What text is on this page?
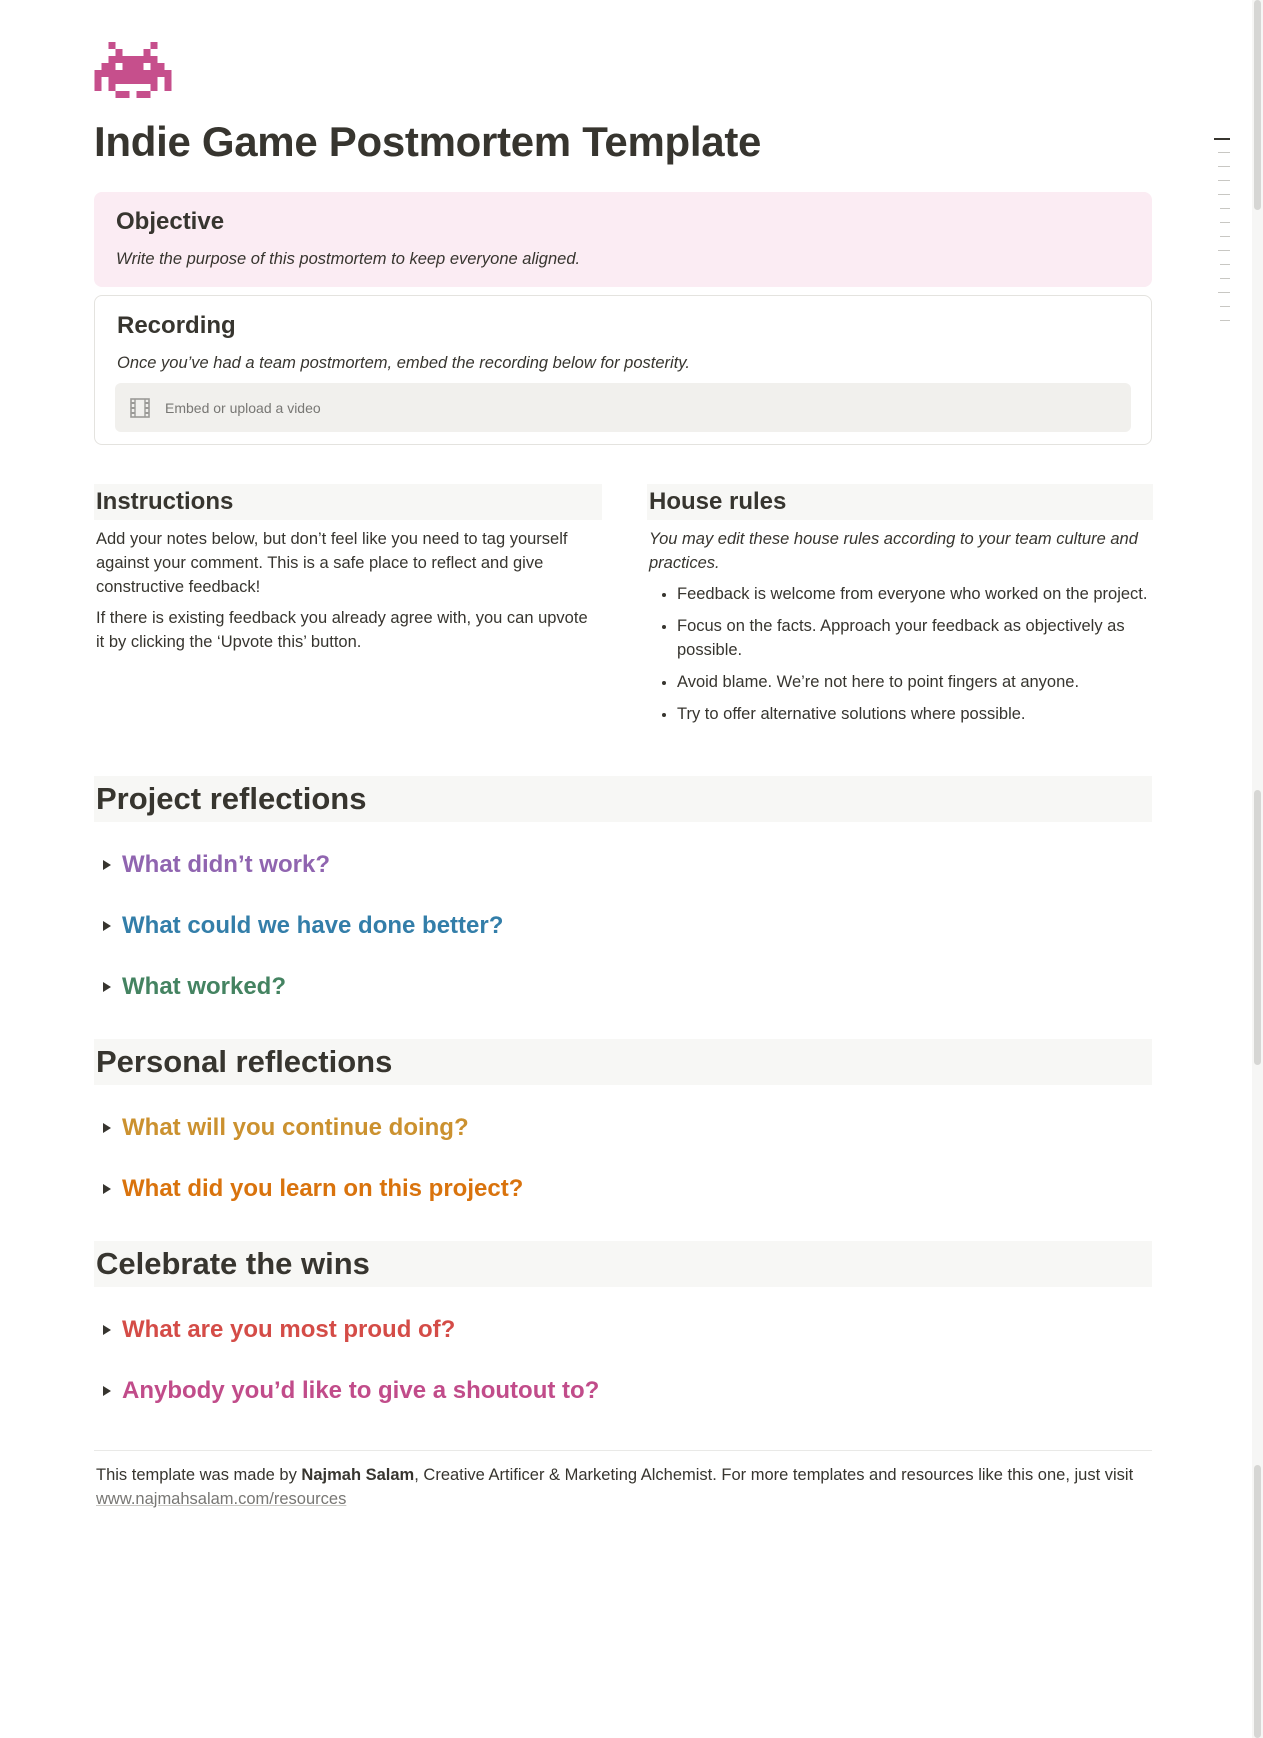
Indie Game Postmortem Template
Objective

Write the purpose of this postmortem to keep everyone aligned.

Recording

Once you’ve had a team postmortem, embed the recording below for posterity.

Embed or upload a video
Instructions

Add your notes below, but don’t feel like you need to tag yourself against your comment. This is a safe place to reflect and give constructive feedback!

If there is existing feedback you already agree with, you can upvote it by clicking the ‘Upvote this’ button.

House rules

You may edit these house rules according to your team culture and practices.

• Feedback is welcome from everyone who worked on the project.
• Focus on the facts. Approach your feedback as objectively as possible.
• Avoid blame. We’re not here to point fingers at anyone.
• Try to offer alternative solutions where possible.
Project reflections
What didn’t work?
What could we have done better?
What worked?
Personal reflections
What will you continue doing?
What did you learn on this project?
Celebrate the wins
What are you most proud of?
Anybody you’d like to give a shoutout to?
This template was made by Najmah Salam, Creative Artificer & Marketing Alchemist. For more templates and resources like this one, just visit
www.najmahsalam.com/resources
